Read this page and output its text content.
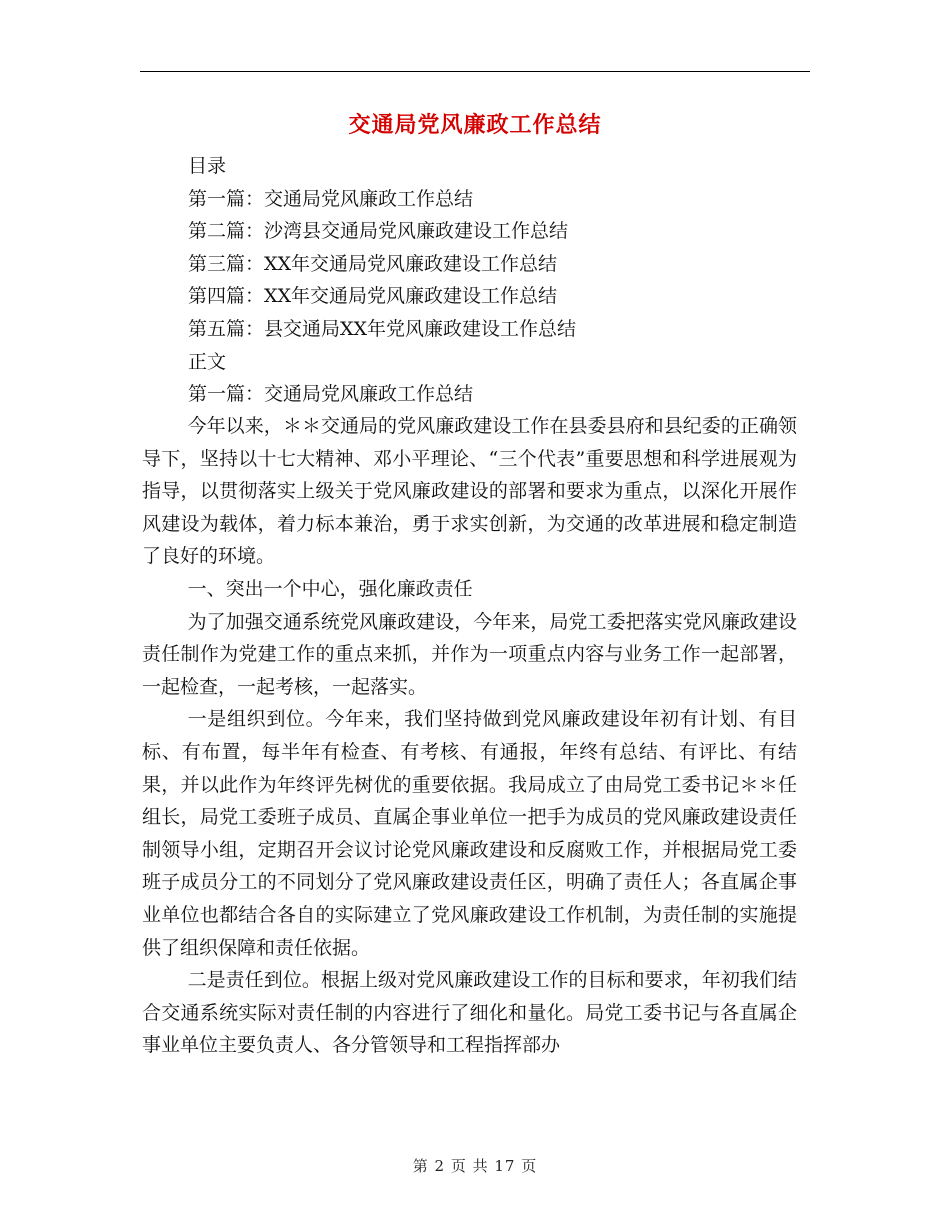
交通局党风廉政工作总结
目录
第一篇：交通局党风廉政工作总结
第二篇：沙湾县交通局党风廉政建设工作总结
第三篇：XX年交通局党风廉政建设工作总结
第四篇：XX年交通局党风廉政建设工作总结
第五篇：县交通局XX年党风廉政建设工作总结
正文
第一篇：交通局党风廉政工作总结

今年以来，＊＊交通局的党风廉政建设工作在县委县府和县纪委的正确领导下，坚持以十七大精神、邓小平理论、“三个代表”重要思想和科学进展观为指导，以贯彻落实上级关于党风廉政建设的部署和要求为重点，以深化开展作风建设为载体，着力标本兼治，勇于求实创新，为交通的改革进展和稳定制造了良好的环境。

一、突出一个中心，强化廉政责任

为了加强交通系统党风廉政建设，今年来，局党工委把落实党风廉政建设责任制作为党建工作的重点来抓，并作为一项重点内容与业务工作一起部署，一起检查，一起考核，一起落实。

一是组织到位。今年来，我们坚持做到党风廉政建设年初有计划、有目标、有布置，每半年有检查、有考核、有通报，年终有总结、有评比、有结果，并以此作为年终评先树优的重要依据。我局成立了由局党工委书记＊＊任组长，局党工委班子成员、直属企事业单位一把手为成员的党风廉政建设责任制领导小组，定期召开会议讨论党风廉政建设和反腐败工作，并根据局党工委班子成员分工的不同划分了党风廉政建设责任区，明确了责任人；各直属企事业单位也都结合各自的实际建立了党风廉政建设工作机制，为责任制的实施提供了组织保障和责任依据。

二是责任到位。根据上级对党风廉政建设工作的目标和要求，年初我们结合交通系统实际对责任制的内容进行了细化和量化。局党工委书记与各直属企事业单位主要负责人、各分管领导和工程指挥部办

第 2 页 共 17 页
